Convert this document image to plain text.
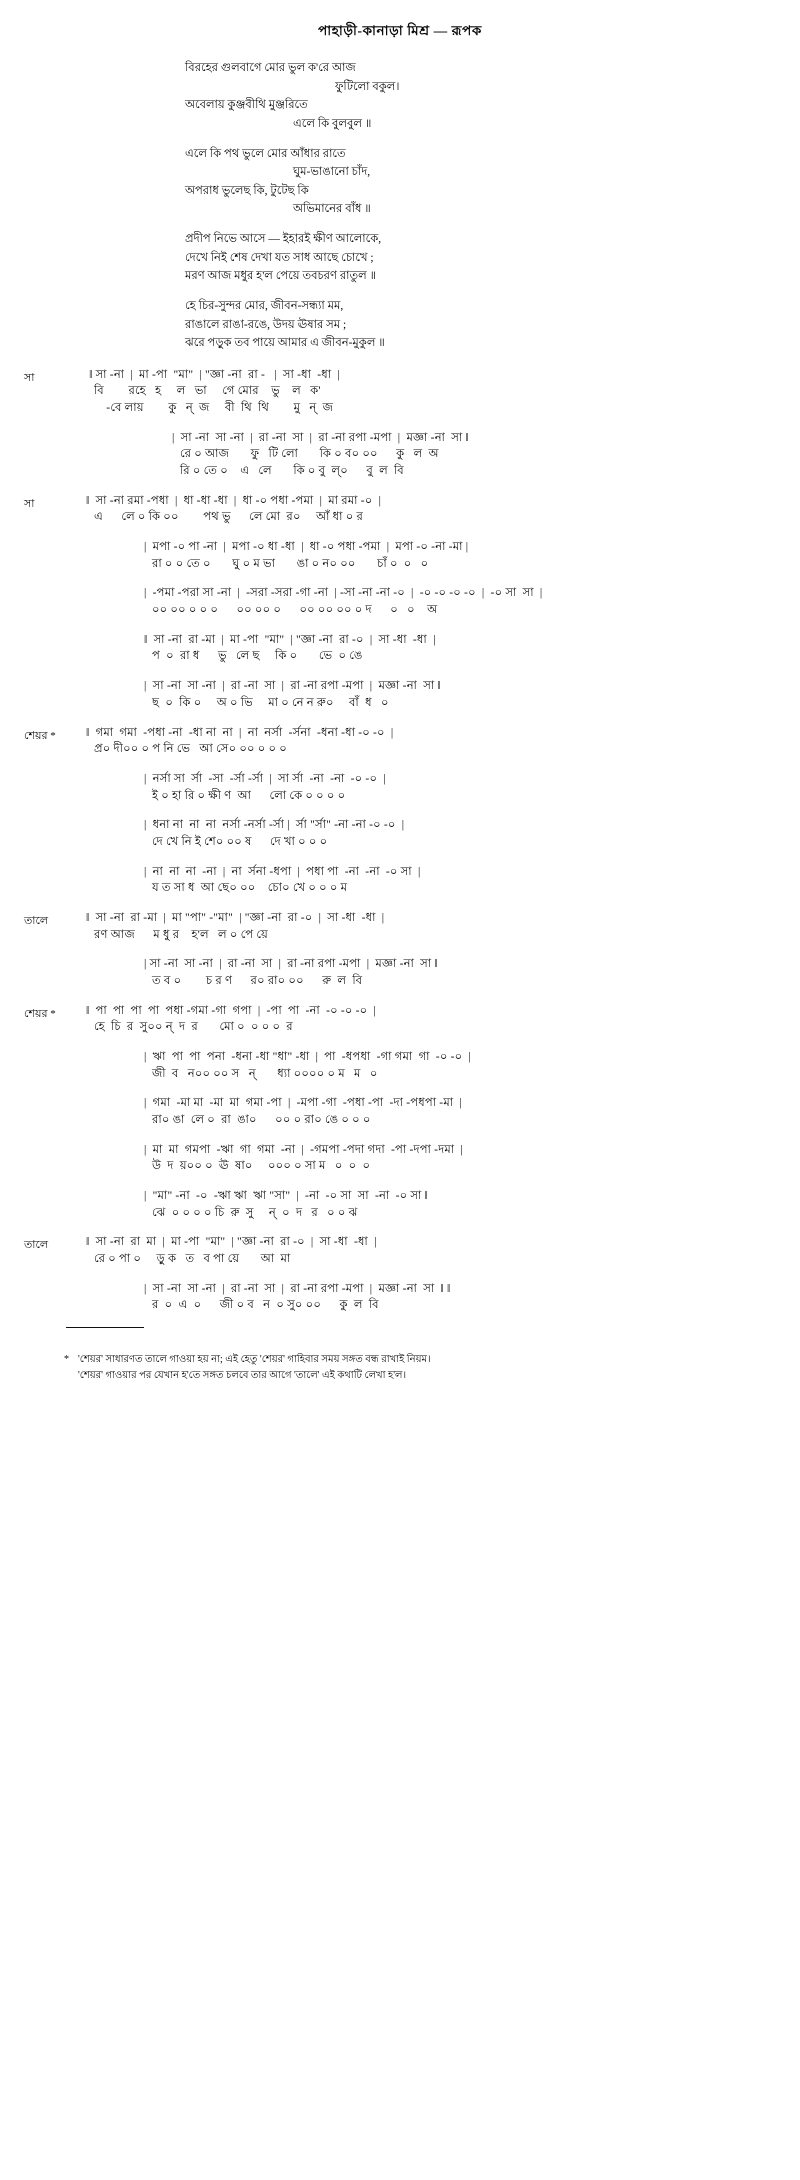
পাহাড়ী-কানাড়া মিশ্র — রূপক
বিরহের গুলবাগে মোর ভুল ক'রে আজ
ফুটিলো বকুল।
অবেলায় কুঞ্জবীথি মুঞ্জরিতে
এলে কি বুলবুল ॥
এলে কি পথ ভুলে মোর আঁধার রাতে
ঘুম-ভাঙানো চাঁদ,
অপরাধ ভুলেছ কি, টুটেছ কি
অভিমানের বাঁধ ॥
প্রদীপ নিভে আসে — ইহারই ক্ষীণ আলোকে,
দেখে নিই শেষ দেখা যত সাধ আছে চোখে ;
মরণ আজ মধুর হ'ল পেয়ে তবচরণ রাতুল ॥
হে চির-সুন্দর মোর, জীবন-সন্ধ্যা মম,
রাঙালে রাঙা-রঙে, উদয় ঊষার সম ;
ঝরে পড়ুক তব পায়ে আমার এ জীবন-মুকুল ॥
সা	‖ সা -না  |  মা -পা  "মা"  | "জ্ঞা -না  রা -   |  সা -ধা  -ধা  |
বি        রহে   হ     ল   ভা     গে মোর    ভু    ল   ক'
-বে লায়        কু   ন্  জ     বী  থি  থি        মু   ন্  জ
|  সা -না  সা -না  |  রা -না  সা  |  রা -না রপা -মপা  |  মজ্ঞা -না  সা ‖
রে ০ আজ       ফু   টি লো       কি ০ ব০ ০০      কু   ল  অ
রি ০ তে ০    এ   লে       কি ০ বু  ল্০      বু  ল  বি
সা	‖  সা -না রমা -পধা  |  ধা -ধা -ধা  |  ধা -০ পধা -পমা  |  মা রমা -০  |
এ      লে ০ কি ০০        পথ ভু      লে মো  র০     আঁ ধা ০ র
|  মপা -০ পা -না  |  মপা -০ ধা -ধা  |  ধা -০ পধা -পমা  |  মপা -০ -না -মা |
রা ০ ০ তে ০       ঘু ০ ম ভা       ঙা ০ ন০ ০০       চাঁ ০  ০   ০
|  -পমা -পরা সা -না  |  -সরা -সরা -গা -না  | -সা -না -না -০  |  -০ -০ -০ -০  |  -০ সা  সা  |
০০ ০০ ০ ০ ০      ০০ ০০ ০      ০০ ০০ ০০ ০ দ      ০   ০    অ
‖  সা -না  রা -মা  |  মা -পা  "মা"  | "জ্ঞা -না  রা -০  |  সা -ধা  -ধা  |
প  ০  রা ধ      ভু   লে ছ     কি ০       ভে  ০ ঙে
|  সা -না  সা -না  |  রা -না  সা  |  রা -না রপা -মপা  |  মজ্ঞা -না  সা ‖
ছ  ০  কি ০     অ ০ ভি     মা ০ নে ন রু০     বাঁ  ধ   ০
শেয়র *	‖  গমা  গমা  -পধা -না  -ধা না  না  |  না  নর্সা  -র্সনা  -ধনা -ধা -০ -০  |
প্র০ দী০০ ০ প নি ভে   আ সে০ ০০ ০ ০ ০
|  নর্সা সা  র্সা  -সা  -র্সা -র্সা  |  সা র্সা  -না  -না  -০ -০  |
ই ০ হা রি ০ ক্ষী ণ  আ      লো কে ০ ০ ০ ০
|  ধনা না  না  না  নর্সা -নর্সা -র্সা |  র্সা "র্সা" -না -না -০ -০  |
দে খে নি ই শে০ ০০ ষ      দে খা ০ ০ ০
|  না  না  না  -না  |  না  র্সনা -ধপা  |  পধা পা  -না  -না  -০ সা  |
য ত সা ধ  আ ছে০ ০০    চো০ খে ০ ০ ০ ম
তালে	‖  সা -না  রা -মা  |  মা "পা" -"মা"  | "জ্ঞা -না  রা -০  |  সা -ধা  -ধা  |
রণ আজ      ম ধু র    হ'ল   ল ০ পে য়ে
| সা -না  সা -না  |  রা -না  সা  |  রা -না রপা -মপা  |  মজ্ঞা -না  সা ‖
ত ব ০        চ র ণ      র০ রা০ ০০      রু  ল  বি
শেয়র *	‖  পা  পা  পা  পা  পধা -গমা -গা  গপা  |  -পা  পা  -না  -০ -০ -০  |
হে  চি  র  সু০০ ন্  দ  র       মো ০  ০ ০ ০  র
|  ঋা  পা  পা  পনা  -ধনা -ধা "ধা" -ধা  |  পা  -ধপধা  -গা গমা  গা  -০ -০  |
জী  ব   ন০০ ০০ স   ন্       ধ্যা ০০০০ ০ ম   ম   ০
|  গমা  -মা মা  -মা  মা  গমা -পা  |  -মপা -গা  -পধা -পা  -দা -পধপা -মা  |
রা০ ঙা  লে ০  রা  ঙা০      ০০ ০ রা০ ঙে ০ ০ ০
|  মা  মা  গমপা  -ঋা  গা  গমা  -না  |  -গমপা -পদা গদা  -পা -দপা -দমা  |
উ  দ  য়০০ ০  ঊ  ষা০     ০০০ ০ সা ম   ০  ০  ০
|  "মা" -না  -০  -ঋা ঋা  ঋা "সা"  |  -না  -০ সা  সা  -না  -০ সা ‖
ঝে  ০ ০ ০ ০ চি  রু  সু     ন্  ০  দ   র   ০ ০ ঝ
তালে	‖  সা -না  রা  মা  |  মা -পা  "মা"  | "জ্ঞা -না  রা -০  |  সা -ধা  -ধা  |
রে ০ পা ০     ড়ু ক   ত   ব পা য়ে       আ  মা
|  সা -না  সা -না  |  রা -না  সা  |  রা -না রপা -মপা  |  মজ্ঞা -না  সা  ‖ ‖
র  ০  এ  ০      জী ০ ব   ন  ০ সু০ ০০      কু  ল  বি
* 'শেয়র' সাধারণত তালে গাওয়া হয় না; এই হেতু 'শেয়র' গাহিবার সময় সঙ্গত বন্ধ রাখাই নিয়ম।
'শেয়র' গাওয়ার পর যেখান হ'তে সঙ্গত চলবে তার আগে 'তালে' এই কথাটি লেখা হ'ল।
